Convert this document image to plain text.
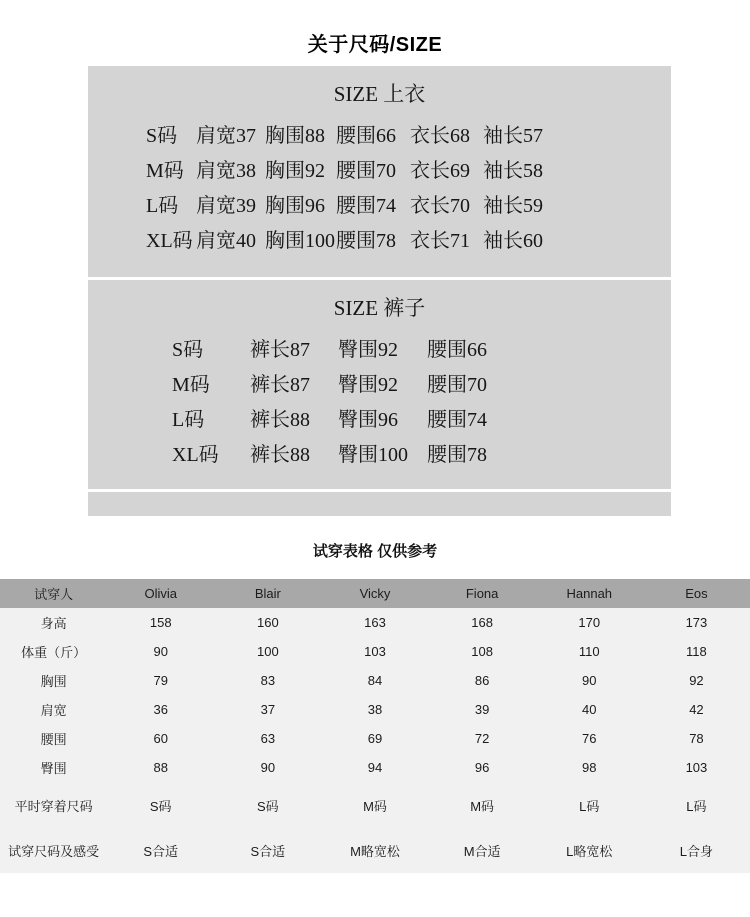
关于尺码/SIZE
SIZE 上衣
S码 肩宽37 胸围88 腰围66 衣长68 袖长57
M码 肩宽38 胸围92 腰围70 衣长69 袖长58
L码 肩宽39 胸围96 腰围74 衣长70 袖长59
XL码 肩宽40 胸围100 腰围78 衣长71 袖长60
SIZE 裤子
S码	裤长87	臀围92	腰围66
M码	裤长87	臀围92	腰围70
L码	裤长88	臀围96	腰围74
XL码	裤长88	臀围100 腰围78
试穿表格 仅供参考
试穿人	Olivia	Blair	Vicky	Fiona	Hannah	Eos
身高	158	160	163	168	170	173
体重（斤）	90	100	103	108	110	118
胸围	79	83	84	86	90	92
肩宽	36	37	38	39	40	42
腰围	60	63	69	72	76	78
臀围	88	90	94	96	98	103
平时穿着尺码	S码	S码	M码	M码	L码	L码
试穿尺码及感受	S合适	S合适	M略宽松	M合适	L略宽松	L合身
